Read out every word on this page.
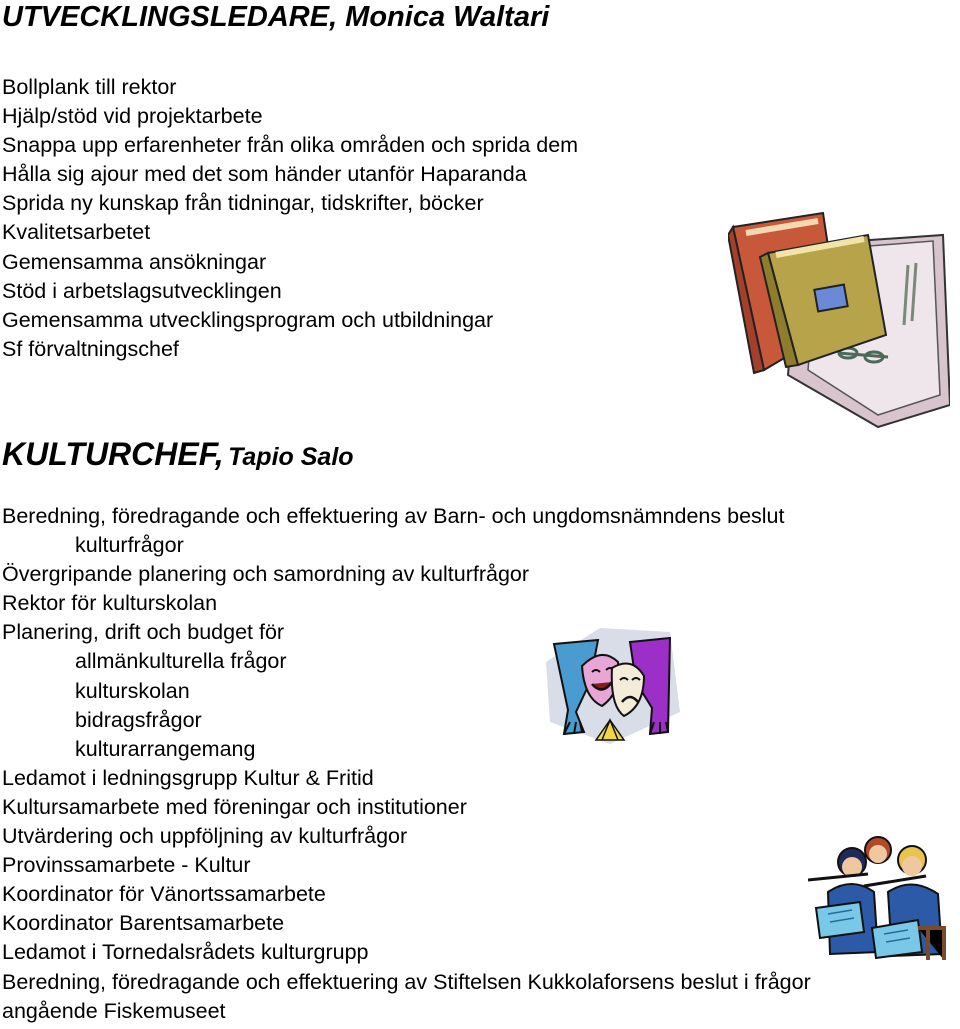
UTVECKLINGSLEDARE, Monica Waltari
Bollplank till rektor
Hjälp/stöd vid projektarbete
Snappa upp erfarenheter från olika områden och sprida dem
Hålla sig ajour med det som händer utanför Haparanda
Sprida ny kunskap från tidningar, tidskrifter, böcker
Kvalitetsarbetet
Gemensamma ansökningar
Stöd i arbetslagsutvecklingen
Gemensamma utvecklingsprogram och utbildningar
Sf förvaltningschef
KULTURCHEF, Tapio Salo
Beredning, föredragande och effektuering av Barn- och ungdomsnämndens beslut
kulturfrågor
Övergripande planering och samordning av kulturfrågor
Rektor för kulturskolan
Planering, drift och budget för
allmänkulturella frågor
kulturskolan
bidragsfrågor
kulturarrangemang
Ledamot i ledningsgrupp Kultur & Fritid
Kultursamarbete med föreningar och institutioner
Utvärdering och uppföljning av kulturfrågor
Provinssamarbete - Kultur
Koordinator för Vänortssamarbete
Koordinator Barentsamarbete
Ledamot i Tornedalsrådets kulturgrupp
Beredning, föredragande och effektuering av Stiftelsen Kukkolaforsens beslut i frågor
angående Fiskemuseet
